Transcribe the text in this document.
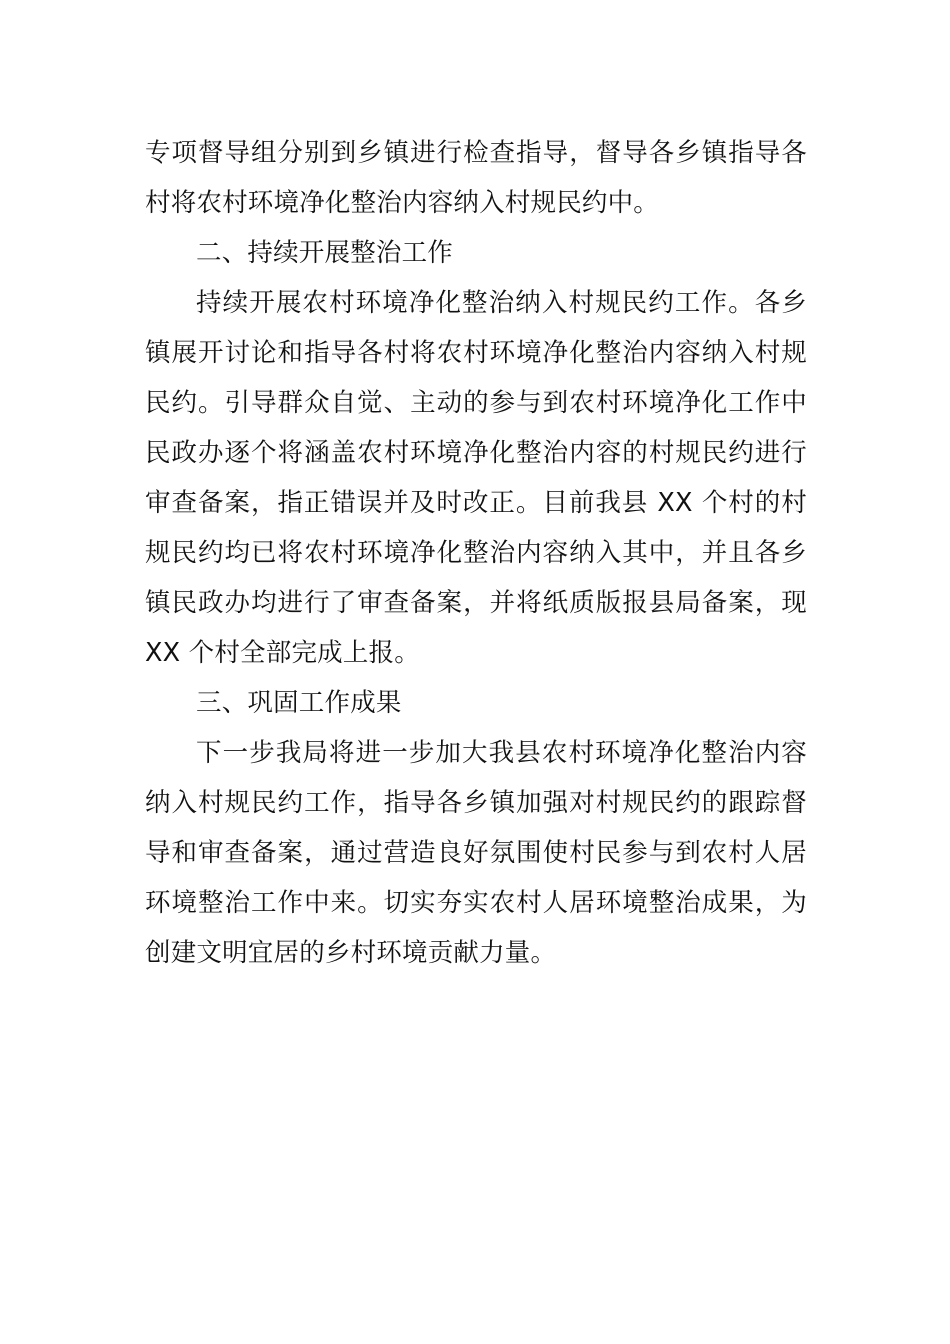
专项督导组分别到乡镇进行检查指导，督导各乡镇指导各村将农村环境净化整治内容纳入村规民约中。

二、持续开展整治工作

持续开展农村环境净化整治纳入村规民约工作。各乡镇展开讨论和指导各村将农村环境净化整治内容纳入村规民约。引导群众自觉、主动的参与到农村环境净化工作中民政办逐个将涵盖农村环境净化整治内容的村规民约进行审查备案，指正错误并及时改正。目前我县 XX 个村的村规民约均已将农村环境净化整治内容纳入其中，并且各乡镇民政办均进行了审查备案，并将纸质版报县局备案，现 XX 个村全部完成上报。

三、巩固工作成果

下一步我局将进一步加大我县农村环境净化整治内容纳入村规民约工作，指导各乡镇加强对村规民约的跟踪督导和审查备案，通过营造良好氛围使村民参与到农村人居环境整治工作中来。切实夯实农村人居环境整治成果，为创建文明宜居的乡村环境贡献力量。
